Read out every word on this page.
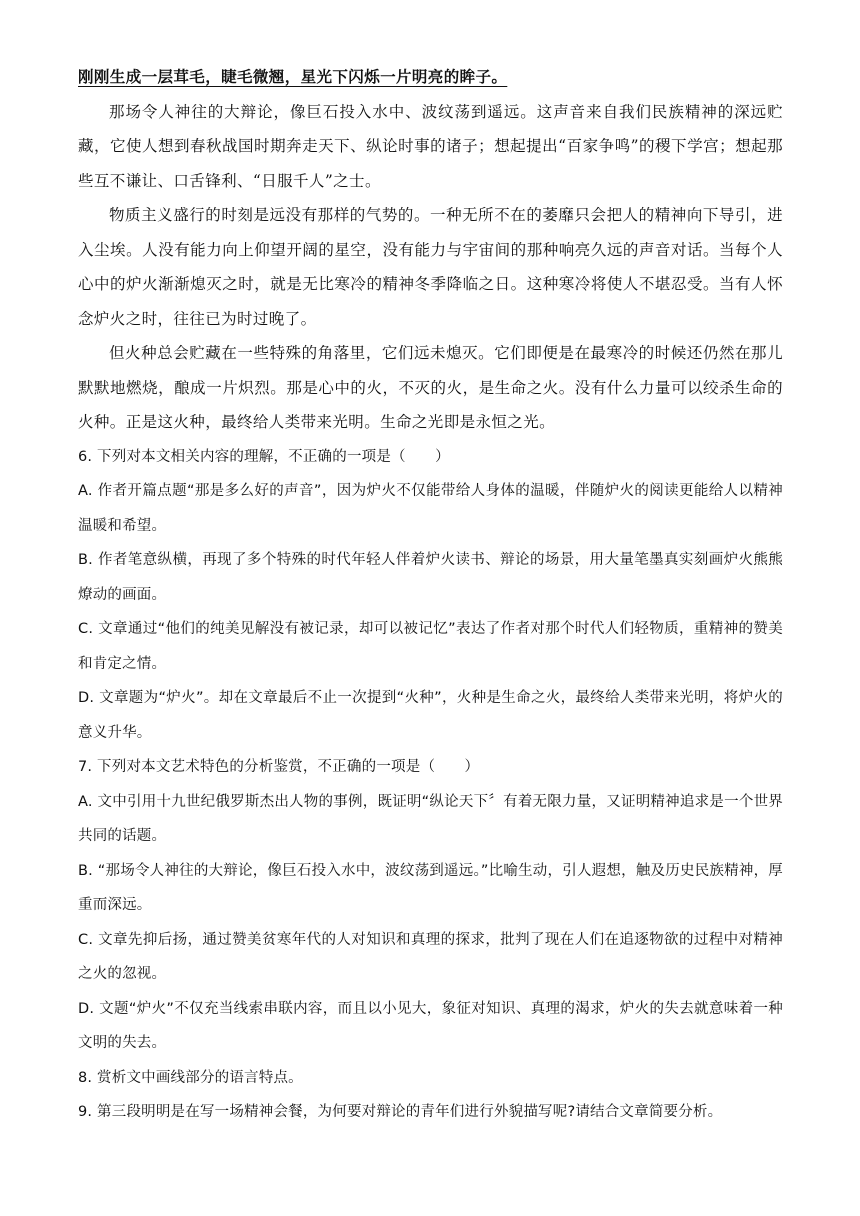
刚刚生成一层茸毛，睫毛微翘，星光下闪烁一片明亮的眸子。

那场令人神往的大辩论，像巨石投入水中、波纹荡到遥远。这声音来自我们民族精神的深远贮藏，它使人想到春秋战国时期奔走天下、纵论时事的诸子；想起提出“百家争鸣”的稷下学宫；想起那些互不谦让、口舌锋利、“日服千人”之士。

物质主义盛行的时刻是远没有那样的气势的。一种无所不在的萎靡只会把人的精神向下导引，进入尘埃。人没有能力向上仰望开阔的星空，没有能力与宇宙间的那种响亮久远的声音对话。当每个人心中的炉火渐渐熄灭之时，就是无比寒冷的精神冬季降临之日。这种寒冷将使人不堪忍受。当有人怀念炉火之时，往往已为时过晚了。

但火种总会贮藏在一些特殊的角落里，它们远未熄灭。它们即便是在最寒冷的时候还仍然在那儿默默地燃烧，酿成一片炽烈。那是心中的火，不灭的火，是生命之火。没有什么力量可以绞杀生命的火种。正是这火种，最终给人类带来光明。生命之光即是永恒之光。

6. 下列对本文相关内容的理解，不正确的一项是（　　）

A. 作者开篇点题“那是多么好的声音”，因为炉火不仅能带给人身体的温暖，伴随炉火的阅读更能给人以精神温暖和希望。

B. 作者笔意纵横，再现了多个特殊的时代年轻人伴着炉火读书、辩论的场景，用大量笔墨真实刻画炉火熊熊燎动的画面。

C. 文章通过“他们的纯美见解没有被记录，却可以被记忆”表达了作者对那个时代人们轻物质，重精神的赞美和肯定之情。

D. 文章题为“炉火”。却在文章最后不止一次提到“火种”，火种是生命之火，最终给人类带来光明，将炉火的意义升华。

7. 下列对本文艺术特色的分析鉴赏，不正确的一项是（　　）

A. 文中引用十九世纪俄罗斯杰出人物的事例，既证明“纵论天下〞有着无限力量，又证明精神追求是一个世界共同的话题。

B. “那场令人神往的大辩论，像巨石投入水中，波纹荡到遥远。”比喻生动，引人遐想，触及历史民族精神，厚重而深远。

C. 文章先抑后扬，通过赞美贫寒年代的人对知识和真理的探求，批判了现在人们在追逐物欲的过程中对精神之火的忽视。

D. 文题“炉火”不仅充当线索串联内容，而且以小见大，象征对知识、真理的渴求，炉火的失去就意味着一种文明的失去。

8. 赏析文中画线部分的语言特点。

9. 第三段明明是在写一场精神会餐，为何要对辩论的青年们进行外貌描写呢?请结合文章简要分析。
